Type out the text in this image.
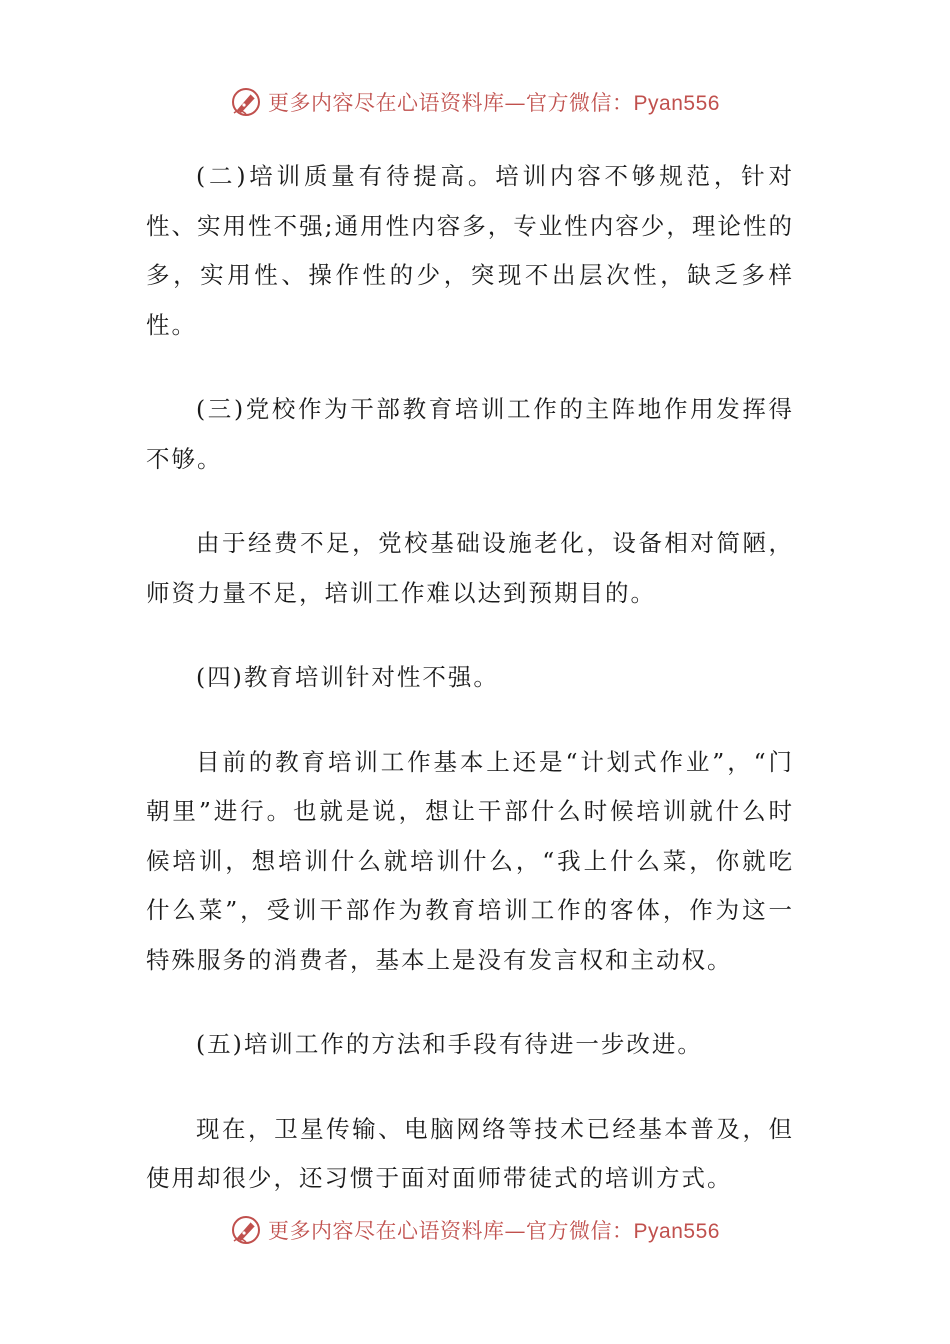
更多内容尽在心语资料库—官方微信：Pyan556

(二)培训质量有待提高。培训内容不够规范，针对性、实用性不强;通用性内容多，专业性内容少，理论性的多，实用性、操作性的少，突现不出层次性，缺乏多样性。

(三)党校作为干部教育培训工作的主阵地作用发挥得不够。

由于经费不足，党校基础设施老化，设备相对简陋，师资力量不足，培训工作难以达到预期目的。

(四)教育培训针对性不强。

目前的教育培训工作基本上还是“计划式作业”，“门朝里”进行。也就是说，想让干部什么时候培训就什么时候培训，想培训什么就培训什么，“我上什么菜，你就吃什么菜”，受训干部作为教育培训工作的客体，作为这一特殊服务的消费者，基本上是没有发言权和主动权。

(五)培训工作的方法和手段有待进一步改进。

现在，卫星传输、电脑网络等技术已经基本普及，但使用却很少，还习惯于面对面师带徒式的培训方式。

更多内容尽在心语资料库—官方微信：Pyan556
